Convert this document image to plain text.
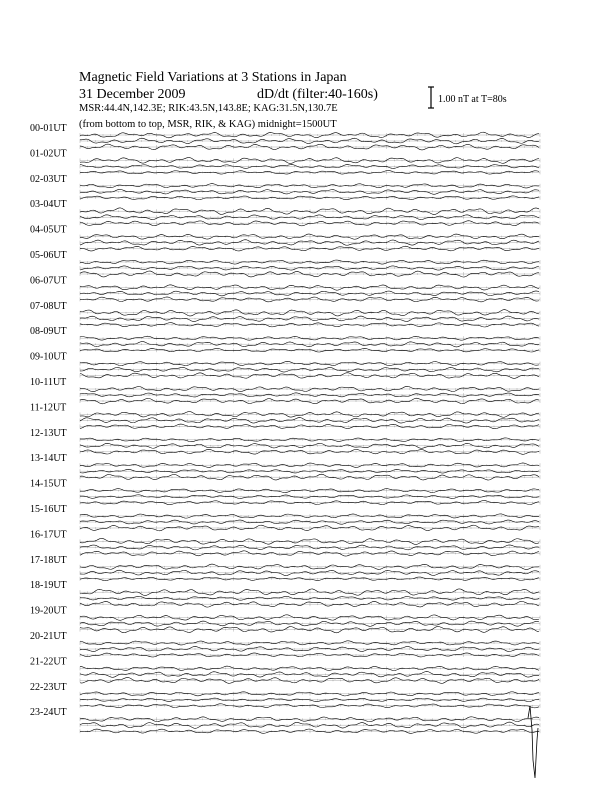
Magnetic Field Variations at 3 Stations in Japan
31 December 2009	dD/dt (filter:40-160s)
MSR:44.4N,142.3E; RIK:43.5N,143.8E; KAG:31.5N,130.7E
(from bottom to top, MSR, RIK, & KAG) midnight=1500UT
1.00 nT at T=80s
00-01UT
01-02UT
02-03UT
03-04UT
04-05UT
05-06UT
06-07UT
07-08UT
08-09UT
09-10UT
10-11UT
11-12UT
12-13UT
13-14UT
14-15UT
15-16UT
16-17UT
17-18UT
18-19UT
19-20UT
20-21UT
21-22UT
22-23UT
23-24UT
